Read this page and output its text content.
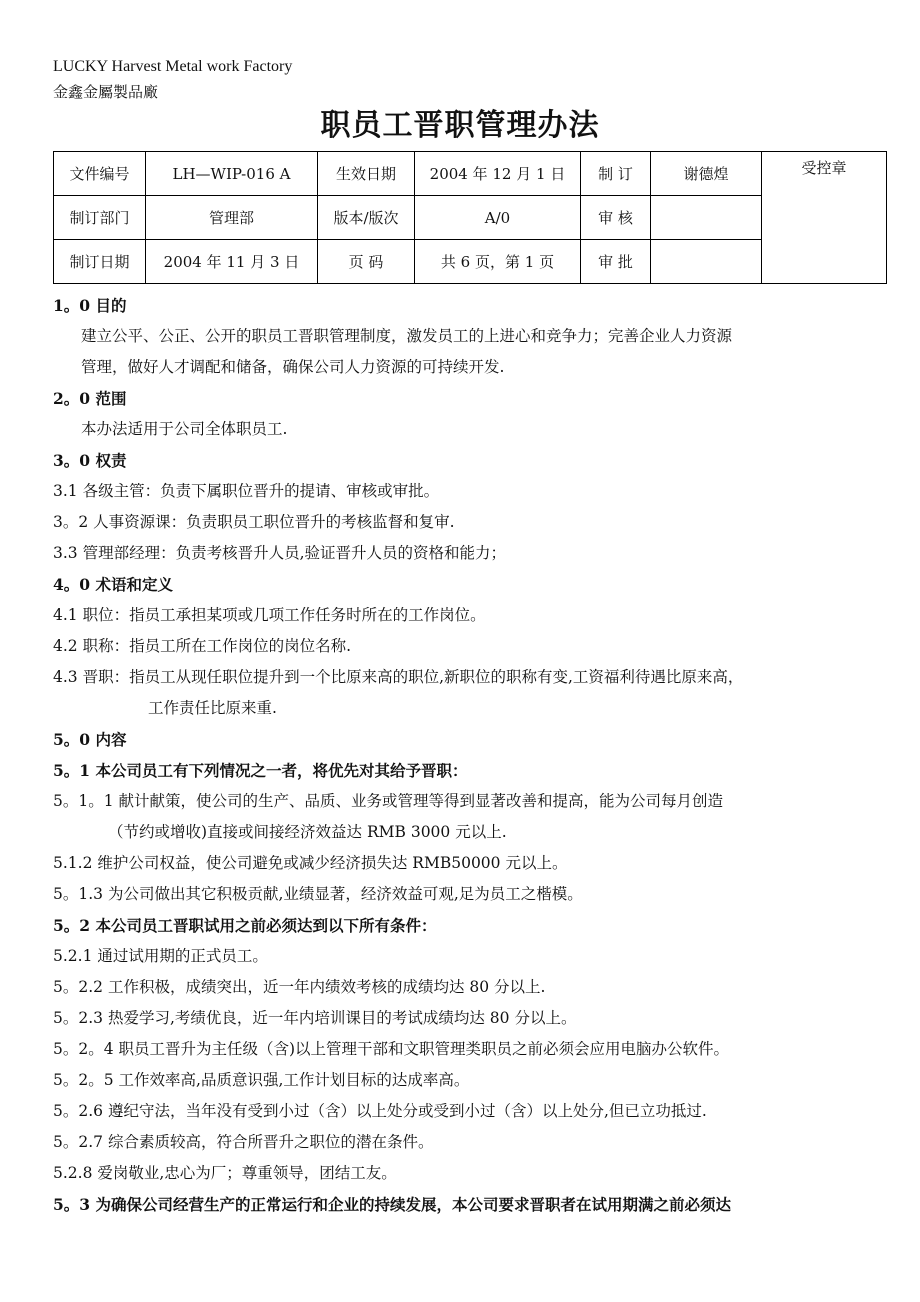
LUCKY Harvest Metal work Factory
金鑫金屬製品廠
职员工晋职管理办法
文件编号	LH—WIP-016 A	生效日期	2004 年 12 月 1 日	制 订	谢德煌	受控章
制订部门	管理部	版本/版次	A/0	审 核		
制订日期	2004 年 11 月 3 日	页 码	共 6 页，第 1 页	审 批		
1。0 目的
建立公平、公正、公开的职员工晋职管理制度，激发员工的上进心和竞争力；完善企业人力资源
管理，做好人才调配和储备，确保公司人力资源的可持续开发.
2。0 范围
本办法适用于公司全体职员工.
3。0 权责
3.1 各级主管：负责下属职位晋升的提请、审核或审批。
3。2 人事资源课：负责职员工职位晋升的考核监督和复审.
3.3 管理部经理：负责考核晋升人员,验证晋升人员的资格和能力；
4。0 术语和定义
4.1 职位：指员工承担某项或几项工作任务时所在的工作岗位。
4.2 职称：指员工所在工作岗位的岗位名称.
4.3 晋职：指员工从现任职位提升到一个比原来高的职位,新职位的职称有变,工资福利待遇比原来高，
工作责任比原来重.
5。0 内容
5。1 本公司员工有下列情况之一者，将优先对其给予晋职：
5。1。1 献计献策，使公司的生产、品质、业务或管理等得到显著改善和提高，能为公司每月创造
（节约或增收)直接或间接经济效益达 RMB 3000 元以上.
5.1.2 维护公司权益，使公司避免或减少经济损失达 RMB50000 元以上。
5。1.3 为公司做出其它积极贡献,业绩显著，经济效益可观,足为员工之楷模。
5。2 本公司员工晋职试用之前必须达到以下所有条件：
5.2.1 通过试用期的正式员工。
5。2.2 工作积极，成绩突出，近一年内绩效考核的成绩均达 80 分以上.
5。2.3 热爱学习,考绩优良，近一年内培训课目的考试成绩均达 80 分以上。
5。2。4 职员工晋升为主任级（含)以上管理干部和文职管理类职员之前必须会应用电脑办公软件。
5。2。5 工作效率高,品质意识强,工作计划目标的达成率高。
5。2.6 遵纪守法，当年没有受到小过（含）以上处分或受到小过（含）以上处分,但已立功抵过.
5。2.7 综合素质较高，符合所晋升之职位的潜在条件。
5.2.8 爱岗敬业,忠心为厂；尊重领导，团结工友。
5。3 为确保公司经营生产的正常运行和企业的持续发展，本公司要求晋职者在试用期满之前必须达
